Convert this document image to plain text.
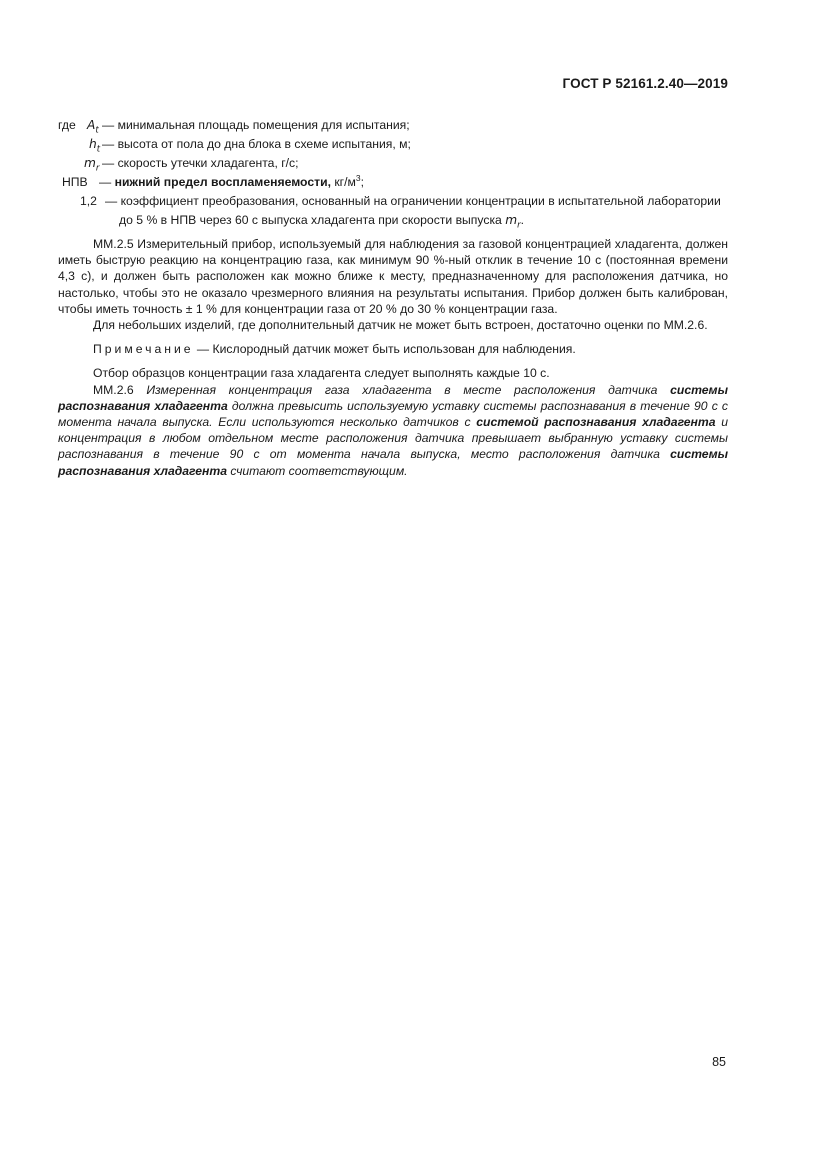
ГОСТ Р 52161.2.40—2019
где $A_t$ — минимальная площадь помещения для испытания;
$h_t$ — высота от пола до дна блока в схеме испытания, м;
$m_r$ — скорость утечки хладагента, г/с;
НПВ — нижний предел воспламеняемости, $кг/м^3$;
1,2 — коэффициент преобразования, основанный на ограничении концентрации в испытательной лаборатории
до 5 % в НПВ через 60 с выпуска хладагента при скорости выпуска $m_r$.

ММ.2.5 Измерительный прибор, используемый для наблюдения за газовой концентрацией хладагента, должен иметь быструю реакцию на концентрацию газа, как минимум 90 %-ный отклик в течение 10 с (постоянная времени 4,3 с), и должен быть расположен как можно ближе к месту, предназначенному для расположения датчика, но настолько, чтобы это не оказало чрезмерного влияния на результаты испытания. Прибор должен быть калиброван, чтобы иметь точность ± 1 % для концентрации газа от 20 % до 30 % концентрации газа.

Для небольших изделий, где дополнительный датчик не может быть встроен, достаточно оценки по ММ.2.6.

Примечание — Кислородный датчик может быть использован для наблюдения.

Отбор образцов концентрации газа хладагента следует выполнять каждые 10 с.

ММ.2.6 Измеренная концентрация газа хладагента в месте расположения датчика системы распознавания хладагента должна превысить используемую уставку системы распознавания в течение 90 с с момента начала выпуска. Если используются несколько датчиков с системой распознавания хладагента и концентрация в любом отдельном месте расположения датчика превышает выбранную уставку системы распознавания в течение 90 с от момента начала выпуска, место расположения датчика системы распознавания хладагента считают соответствующим.

85
